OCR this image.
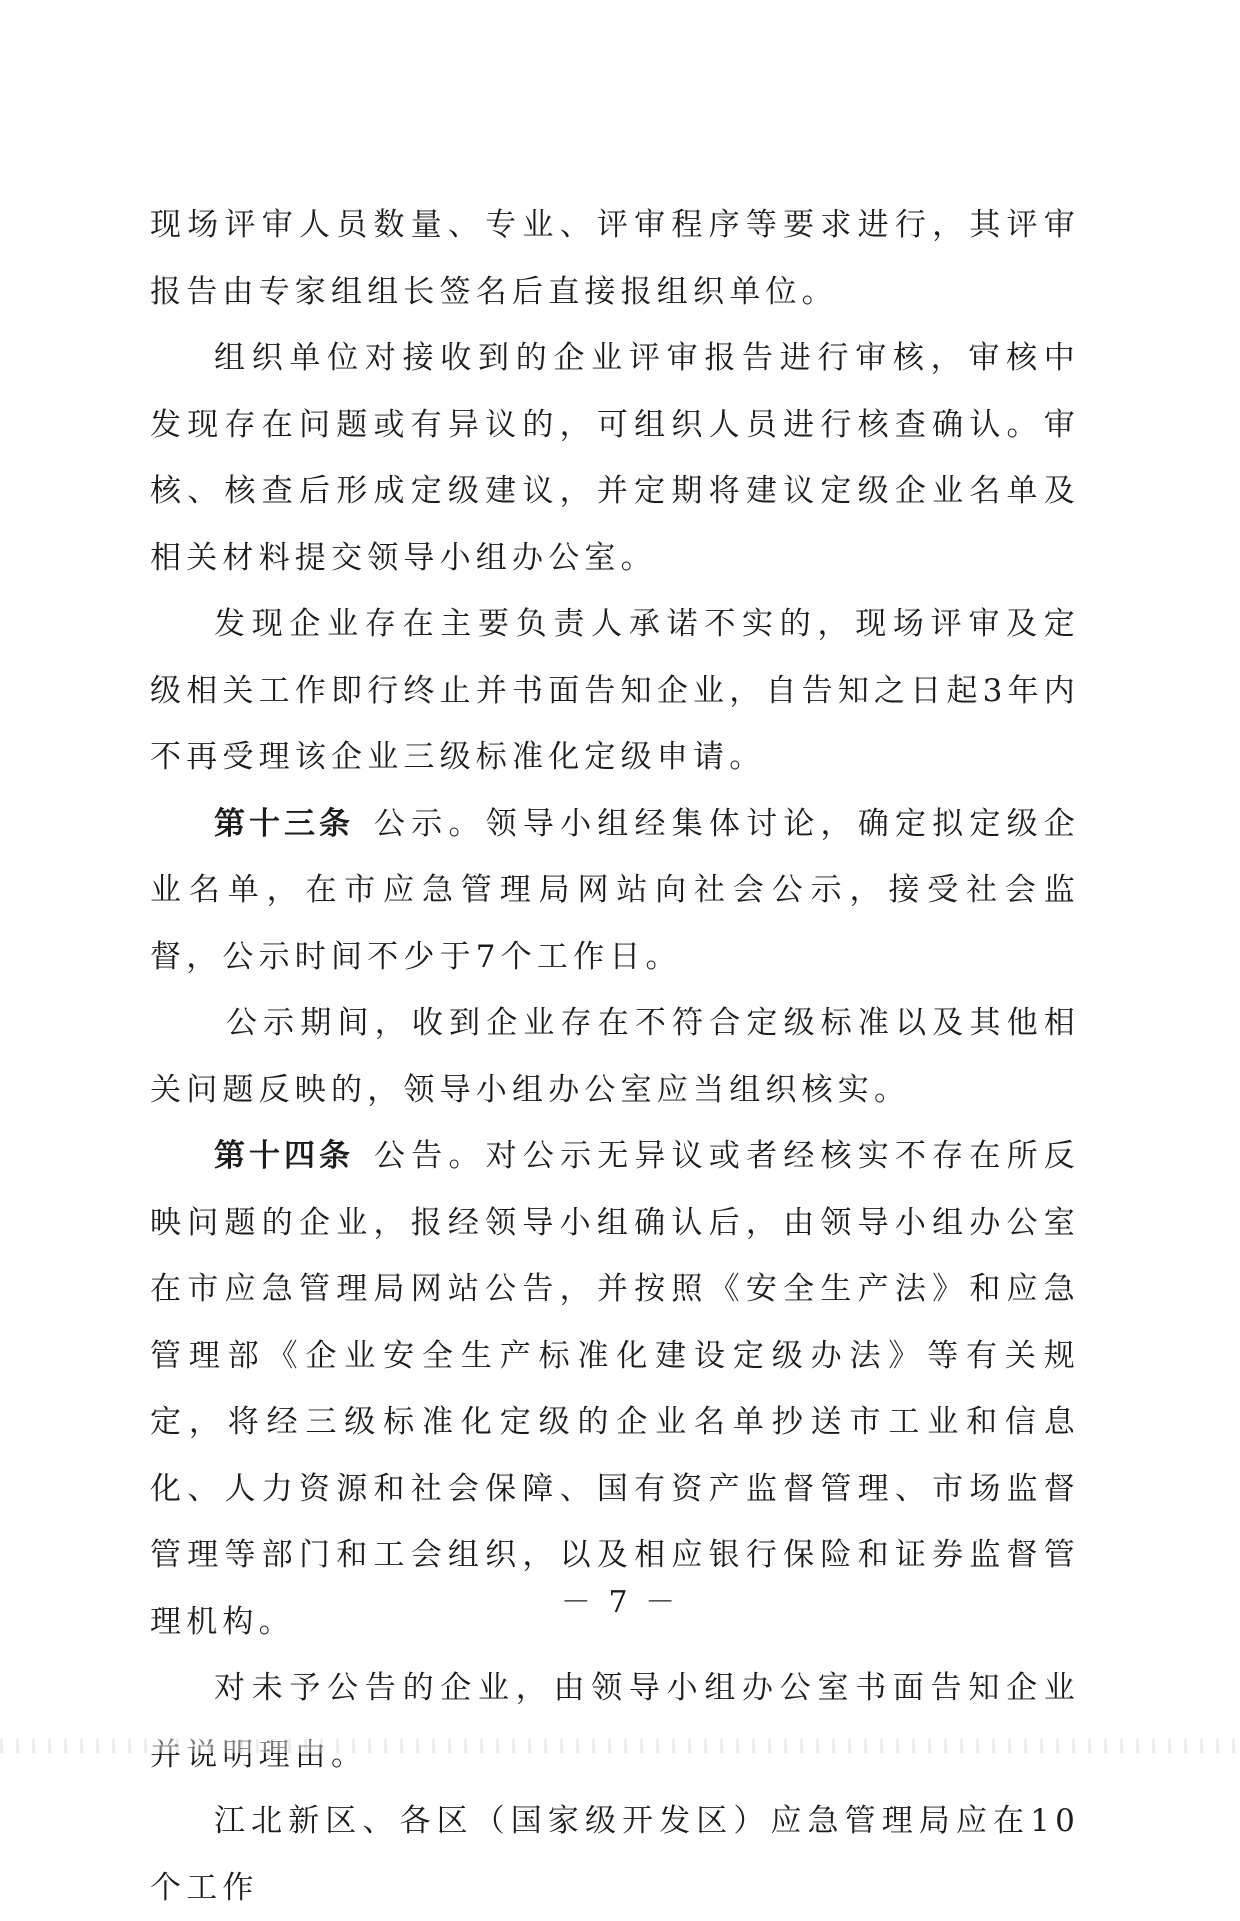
现场评审人员数量、专业、评审程序等要求进行，其评审报告由专家组组长签名后直接报组织单位。

组织单位对接收到的企业评审报告进行审核，审核中发现存在问题或有异议的，可组织人员进行核查确认。审核、核查后形成定级建议，并定期将建议定级企业名单及相关材料提交领导小组办公室。

发现企业存在主要负责人承诺不实的，现场评审及定级相关工作即行终止并书面告知企业，自告知之日起3年内不再受理该企业三级标准化定级申请。

第十三条 公示。领导小组经集体讨论，确定拟定级企业名单，在市应急管理局网站向社会公示，接受社会监督，公示时间不少于7个工作日。

公示期间，收到企业存在不符合定级标准以及其他相关问题反映的，领导小组办公室应当组织核实。

第十四条 公告。对公示无异议或者经核实不存在所反映问题的企业，报经领导小组确认后，由领导小组办公室在市应急管理局网站公告，并按照《安全生产法》和应急管理部《企业安全生产标准化建设定级办法》等有关规定，将经三级标准化定级的企业名单抄送市工业和信息化、人力资源和社会保障、国有资产监督管理、市场监督管理等部门和工会组织，以及相应银行保险和证券监督管理机构。

对未予公告的企业，由领导小组办公室书面告知企业并说明理由。

江北新区、各区（国家级开发区）应急管理局应在10个工作

－ 7 －
